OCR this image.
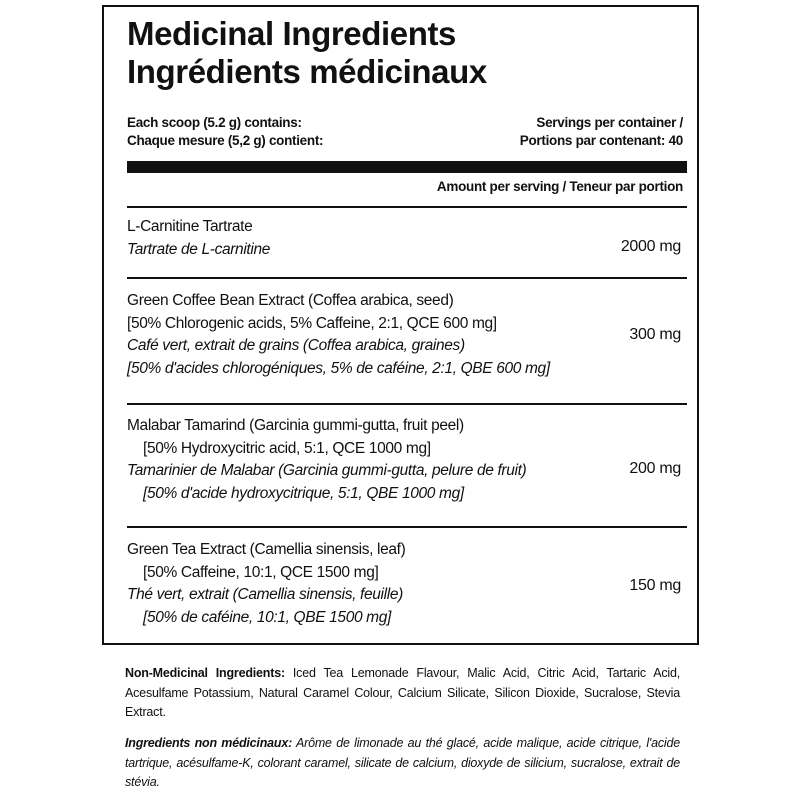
Medicinal Ingredients
Ingrédients médicinaux
Each scoop (5.2 g) contains:
Chaque mesure (5,2 g) contient:
Servings per container /
Portions par contenant: 40
Amount per serving / Teneur par portion
L-Carnitine Tartrate
Tartrate de L-carnitine	2000 mg
Green Coffee Bean Extract (Coffea arabica, seed)
[50% Chlorogenic acids, 5% Caffeine, 2:1, QCE 600 mg]
Café vert, extrait de grains (Coffea arabica, graines)
[50% d'acides chlorogéniques, 5% de caféine, 2:1, QBE 600 mg]
300 mg
Malabar Tamarind (Garcinia gummi-gutta, fruit peel)
[50% Hydroxycitric acid, 5:1, QCE 1000 mg]
Tamarinier de Malabar (Garcinia gummi-gutta, pelure de fruit)
[50% d'acide hydroxycitrique, 5:1, QBE 1000 mg]
200 mg
Green Tea Extract (Camellia sinensis, leaf)
[50% Caffeine, 10:1, QCE 1500 mg]
Thé vert, extrait (Camellia sinensis, feuille)
[50% de caféine, 10:1, QBE 1500 mg]
150 mg

Non-Medicinal Ingredients: Iced Tea Lemonade Flavour, Malic Acid, Citric Acid, Tartaric Acid, Acesulfame Potassium, Natural Caramel Colour, Calcium Silicate, Silicon Dioxide, Sucralose, Stevia Extract.

Ingredients non médicinaux: Arôme de limonade au thé glacé, acide malique, acide citrique, l'acide tartrique, acésulfame-K, colorant caramel, silicate de calcium, dioxyde de silicium, sucralose, extrait de stévia.
